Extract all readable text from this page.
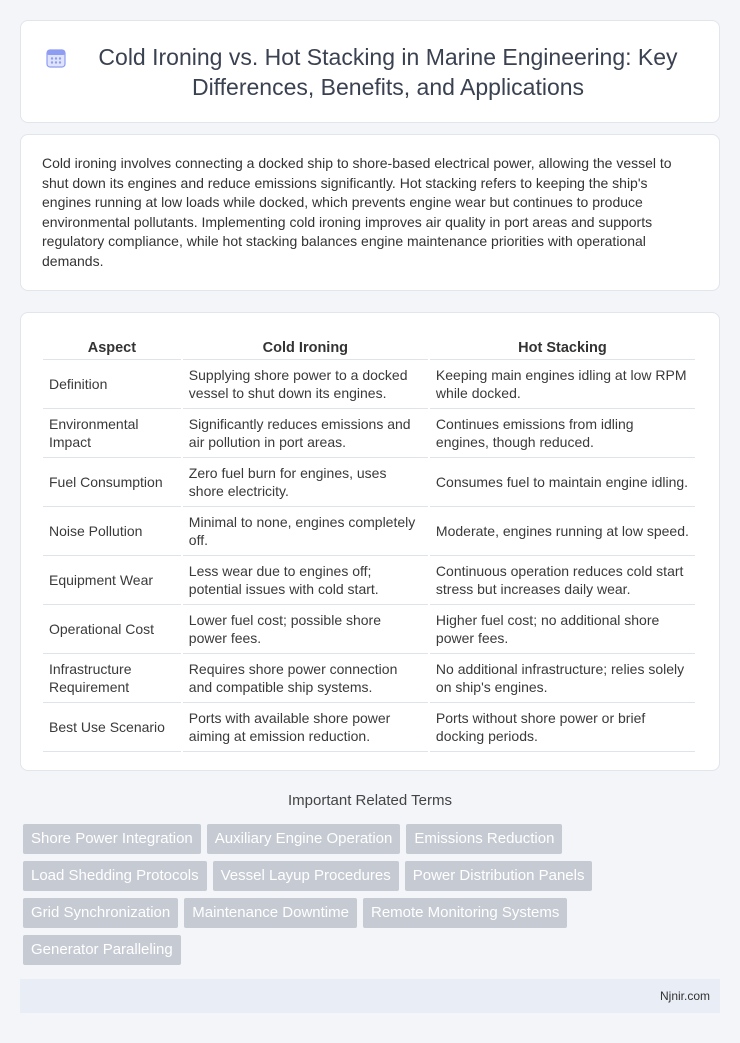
Cold Ironing vs. Hot Stacking in Marine Engineering: Key Differences, Benefits, and Applications

Cold ironing involves connecting a docked ship to shore-based electrical power, allowing the vessel to shut down its engines and reduce emissions significantly. Hot stacking refers to keeping the ship's engines running at low loads while docked, which prevents engine wear but continues to produce environmental pollutants. Implementing cold ironing improves air quality in port areas and supports regulatory compliance, while hot stacking balances engine maintenance priorities with operational demands.

Aspect	Cold Ironing	Hot Stacking
Definition	Supplying shore power to a docked vessel to shut down its engines.	Keeping main engines idling at low RPM while docked.
Environmental Impact	Significantly reduces emissions and air pollution in port areas.	Continues emissions from idling engines, though reduced.
Fuel Consumption	Zero fuel burn for engines, uses shore electricity.	Consumes fuel to maintain engine idling.
Noise Pollution	Minimal to none, engines completely off.	Moderate, engines running at low speed.
Equipment Wear	Less wear due to engines off; potential issues with cold start.	Continuous operation reduces cold start stress but increases daily wear.
Operational Cost	Lower fuel cost; possible shore power fees.	Higher fuel cost; no additional shore power fees.
Infrastructure Requirement	Requires shore power connection and compatible ship systems.	No additional infrastructure; relies solely on ship's engines.
Best Use Scenario	Ports with available shore power aiming at emission reduction.	Ports without shore power or brief docking periods.
Important Related Terms
Shore Power Integration	Auxiliary Engine Operation	Emissions Reduction
Load Shedding Protocols	Vessel Layup Procedures	Power Distribution Panels
Grid Synchronization	Maintenance Downtime	Remote Monitoring Systems
Generator Paralleling
Njnir.com
